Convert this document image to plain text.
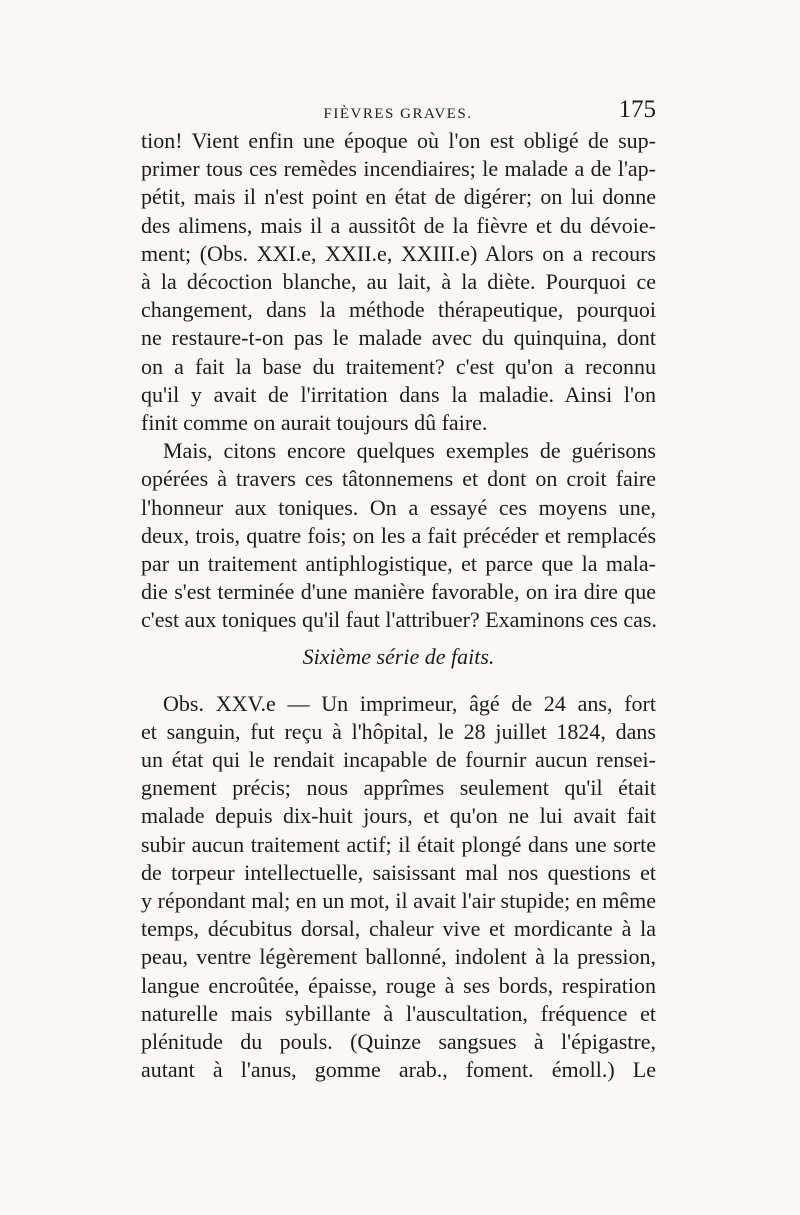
FIÈVRES GRAVES.	175
tion! Vient enfin une époque où l'on est obligé de sup-
primer tous ces remèdes incendiaires; le malade a de l'ap-
pétit, mais il n'est point en état de digérer; on lui donne
des alimens, mais il a aussitôt de la fièvre et du dévoie-
ment; (Obs. XXI.e, XXII.e, XXIII.e) Alors on a recours
à la décoction blanche, au lait, à la diète. Pourquoi ce
changement, dans la méthode thérapeutique, pourquoi
ne restaure-t-on pas le malade avec du quinquina, dont
on a fait la base du traitement? c'est qu'on a reconnu
qu'il y avait de l'irritation dans la maladie. Ainsi l'on
finit comme on aurait toujours dû faire.
Mais, citons encore quelques exemples de guérisons
opérées à travers ces tâtonnemens et dont on croit faire
l'honneur aux toniques. On a essayé ces moyens une,
deux, trois, quatre fois; on les a fait précéder et remplacés
par un traitement antiphlogistique, et parce que la mala-
die s'est terminée d'une manière favorable, on ira dire que
c'est aux toniques qu'il faut l'attribuer? Examinons ces cas.
Sixième série de faits.
Obs. XXV.e — Un imprimeur, âgé de 24 ans, fort
et sanguin, fut reçu à l'hôpital, le 28 juillet 1824, dans
un état qui le rendait incapable de fournir aucun rensei-
gnement précis; nous apprîmes seulement qu'il était
malade depuis dix-huit jours, et qu'on ne lui avait fait
subir aucun traitement actif; il était plongé dans une sorte
de torpeur intellectuelle, saisissant mal nos questions et
y répondant mal; en un mot, il avait l'air stupide; en même
temps, décubitus dorsal, chaleur vive et mordicante à la
peau, ventre légèrement ballonné, indolent à la pression,
langue encroûtée, épaisse, rouge à ses bords, respiration
naturelle mais sybillante à l'auscultation, fréquence et
plénitude du pouls. (Quinze sangsues à l'épigastre,
autant à l'anus, gomme arab., foment. émoll.) Le
